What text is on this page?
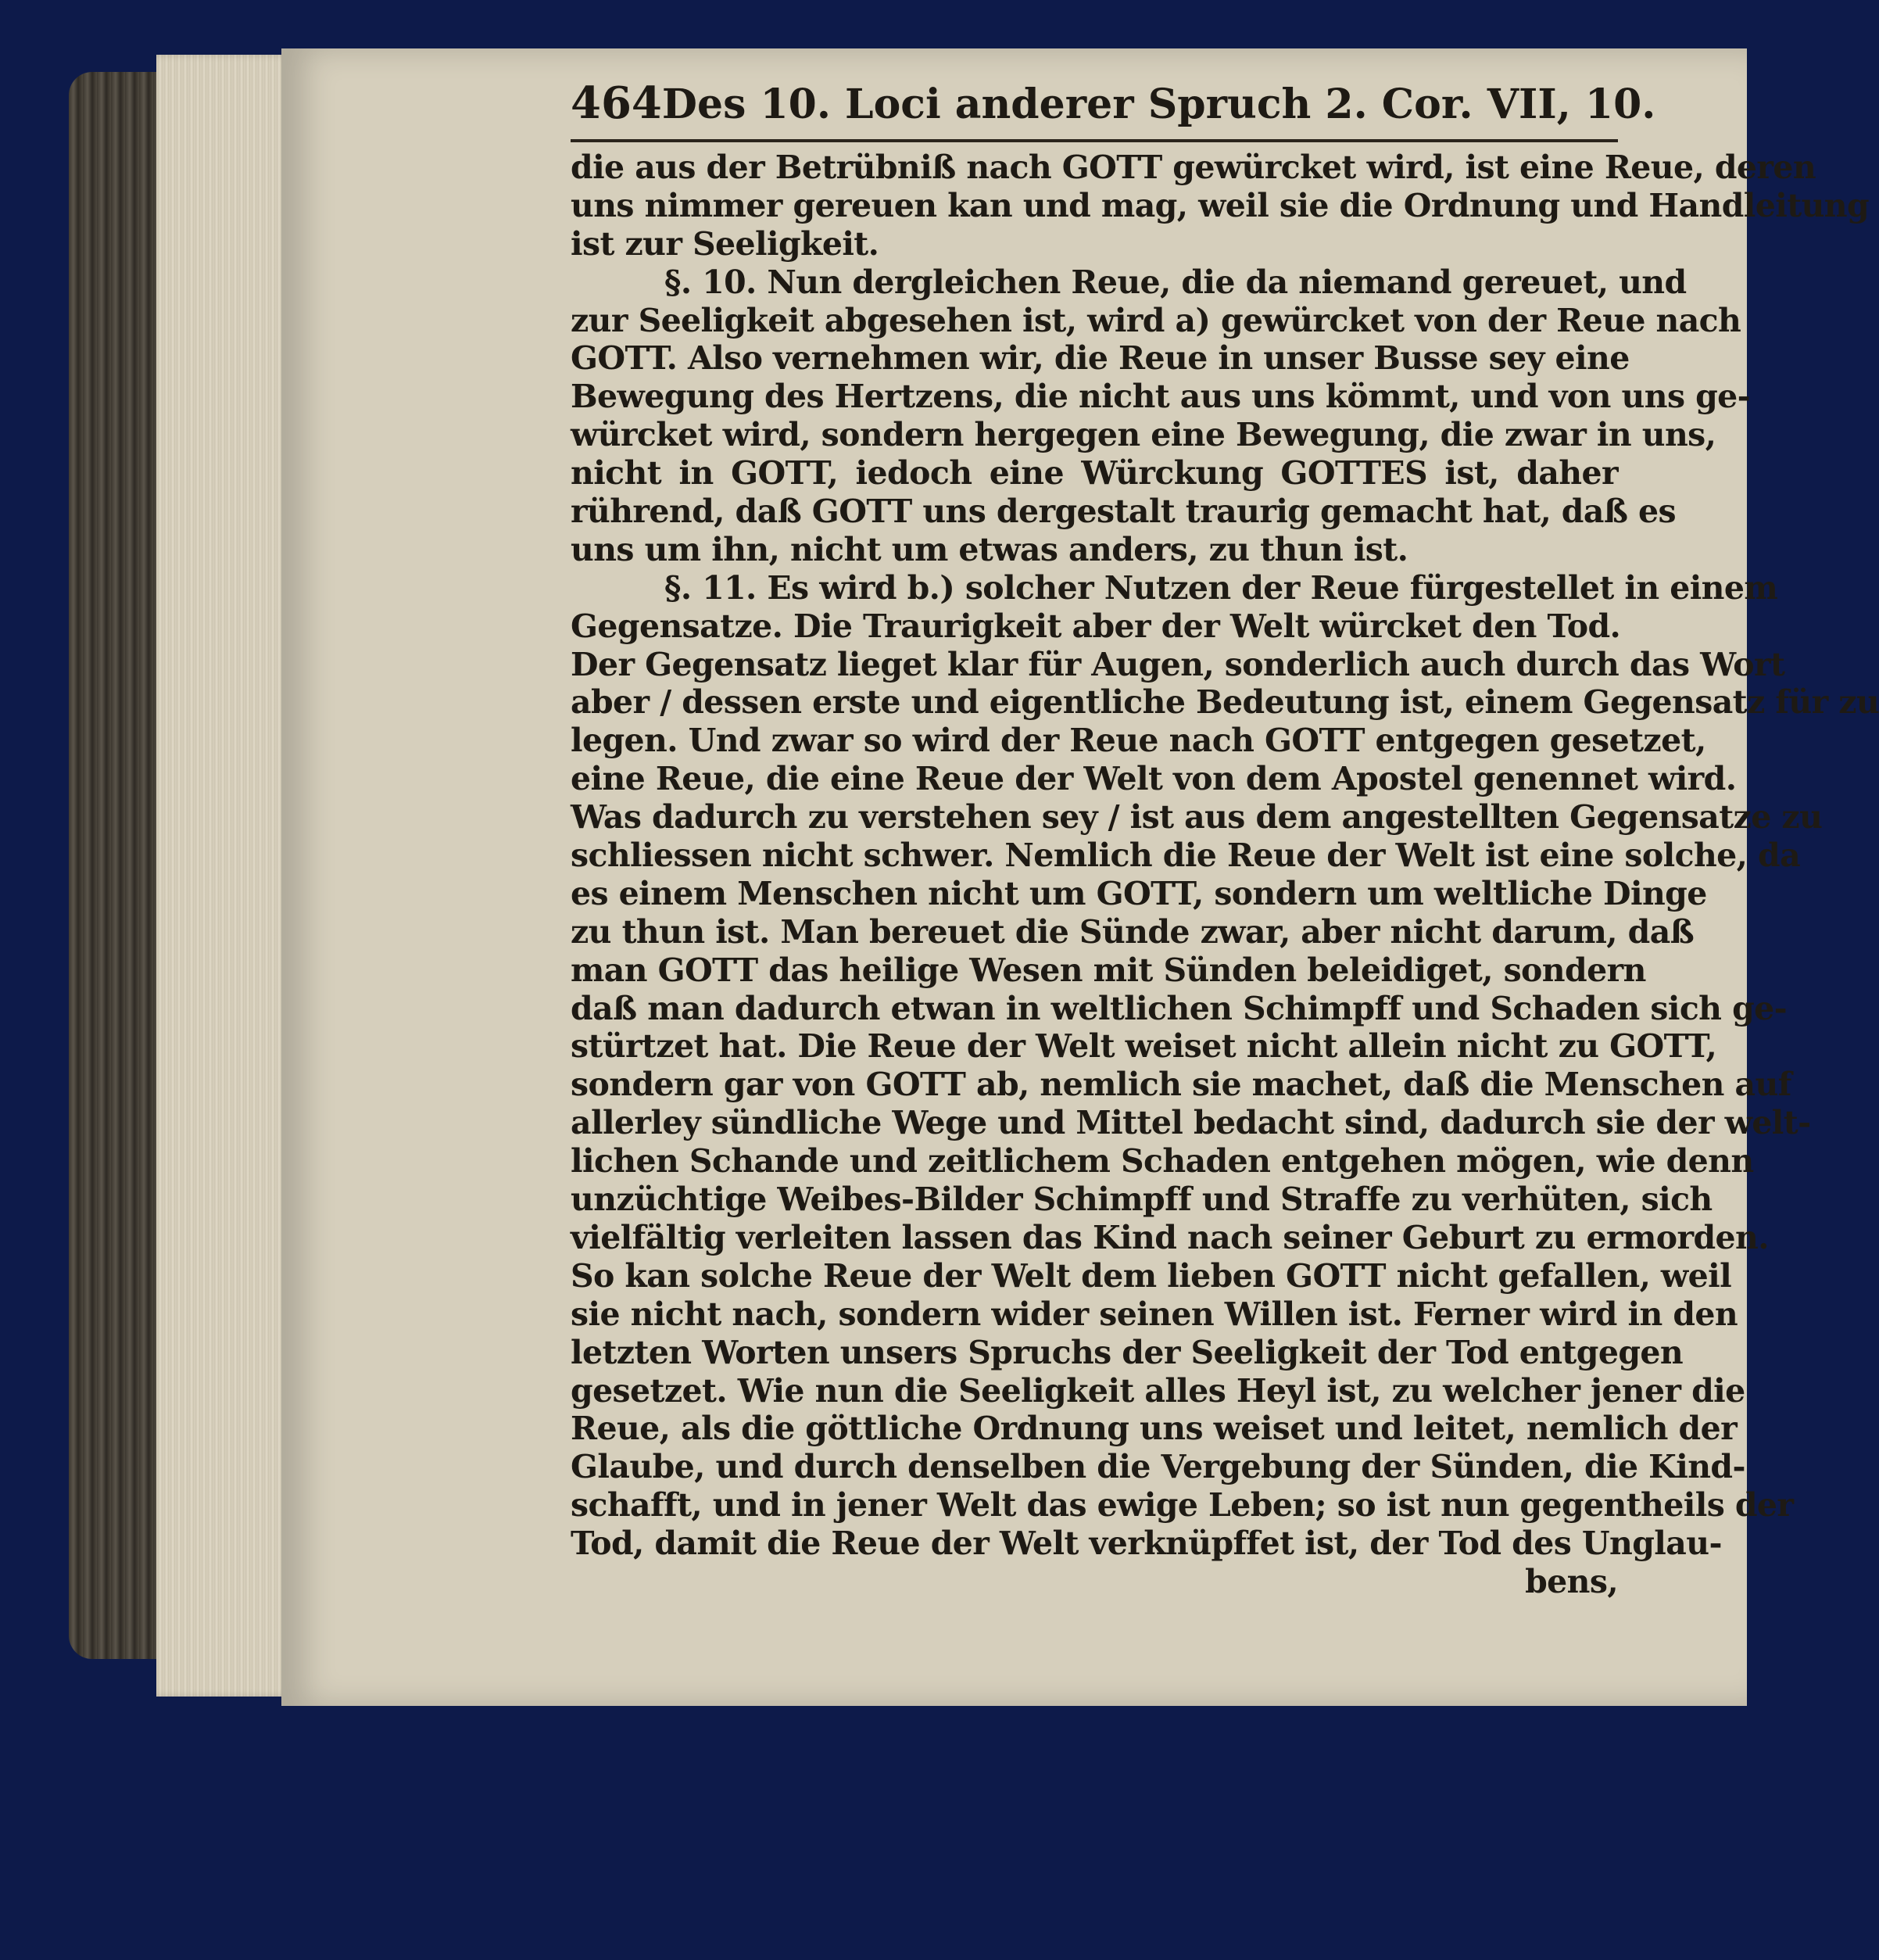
464 Des 10. Loci anderer Spruch 2. Cor. VII, 10.
die aus der Betrübniß nach GOTT gewürcket wird, ist eine Reue, deren
uns nimmer gereuen kan und mag, weil sie die Ordnung und Handleitung
ist zur Seeligkeit.
§. 10. Nun dergleichen Reue, die da niemand gereuet, und
zur Seeligkeit abgesehen ist, wird a) gewürcket von der Reue nach
GOTT. Also vernehmen wir, die Reue in unser Busse sey eine
Bewegung des Hertzens, die nicht aus uns kömmt, und von uns ge-
würcket wird, sondern hergegen eine Bewegung, die zwar in uns,
nicht in GOTT, iedoch eine Würckung GOTTES ist, daher
rührend, daß GOTT uns dergestalt traurig gemacht hat, daß es
uns um ihn, nicht um etwas anders, zu thun ist.
§. 11. Es wird b.) solcher Nutzen der Reue fürgestellet in einem
Gegensatze. Die Traurigkeit aber der Welt würcket den Tod.
Der Gegensatz lieget klar für Augen, sonderlich auch durch das Wort
aber / dessen erste und eigentliche Bedeutung ist, einem Gegensatz für zu
legen. Und zwar so wird der Reue nach GOTT entgegen gesetzet,
eine Reue, die eine Reue der Welt von dem Apostel genennet wird.
Was dadurch zu verstehen sey / ist aus dem angestellten Gegensatze zu
schliessen nicht schwer. Nemlich die Reue der Welt ist eine solche, da
es einem Menschen nicht um GOTT, sondern um weltliche Dinge
zu thun ist. Man bereuet die Sünde zwar, aber nicht darum, daß
man GOTT das heilige Wesen mit Sünden beleidiget, sondern
daß man dadurch etwan in weltlichen Schimpff und Schaden sich ge-
stürtzet hat. Die Reue der Welt weiset nicht allein nicht zu GOTT,
sondern gar von GOTT ab, nemlich sie machet, daß die Menschen auf
allerley sündliche Wege und Mittel bedacht sind, dadurch sie der welt-
lichen Schande und zeitlichem Schaden entgehen mögen, wie denn
unzüchtige Weibes-Bilder Schimpff und Straffe zu verhüten, sich
vielfältig verleiten lassen das Kind nach seiner Geburt zu ermorden.
So kan solche Reue der Welt dem lieben GOTT nicht gefallen, weil
sie nicht nach, sondern wider seinen Willen ist. Ferner wird in den
letzten Worten unsers Spruchs der Seeligkeit der Tod entgegen
gesetzet. Wie nun die Seeligkeit alles Heyl ist, zu welcher jener die
Reue, als die göttliche Ordnung uns weiset und leitet, nemlich der
Glaube, und durch denselben die Vergebung der Sünden, die Kind-
schafft, und in jener Welt das ewige Leben; so ist nun gegentheils der
Tod, damit die Reue der Welt verknüpffet ist, der Tod des Unglau-
bens,
